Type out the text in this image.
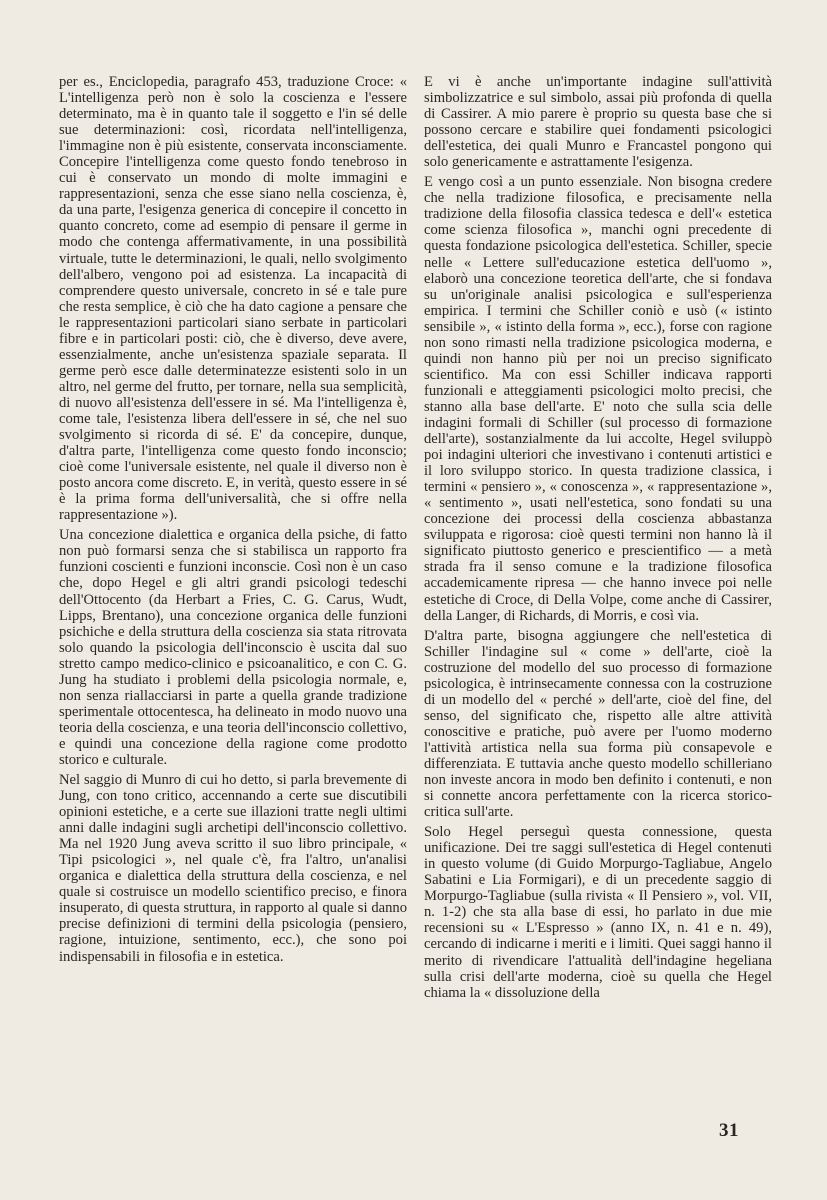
per es., Enciclopedia, paragrafo 453, traduzione Croce: « L'intelligenza però non è solo la coscienza e l'essere determinato, ma è in quanto tale il soggetto e l'in sé delle sue determinazioni: così, ricordata nell'intelligenza, l'immagine non è più esistente, conservata inconsciamente. Concepire l'intelligenza come questo fondo tenebroso in cui è conservato un mondo di molte immagini e rappresentazioni, senza che esse siano nella coscienza, è, da una parte, l'esigenza generica di concepire il concetto in quanto concreto, come ad esempio di pensare il germe in modo che contenga affermativamente, in una possibilità virtuale, tutte le determinazioni, le quali, nello svolgimento dell'albero, vengono poi ad esistenza. La incapacità di comprendere questo universale, concreto in sé e tale pure che resta semplice, è ciò che ha dato cagione a pensare che le rappresentazioni particolari siano serbate in particolari fibre e in particolari posti: ciò, che è diverso, deve avere, essenzialmente, anche un'esistenza spaziale separata. Il germe però esce dalle determinatezze esistenti solo in un altro, nel germe del frutto, per tornare, nella sua semplicità, di nuovo all'esistenza dell'essere in sé. Ma l'intelligenza è, come tale, l'esistenza libera dell'essere in sé, che nel suo svolgimento si ricorda di sé. E' da concepire, dunque, d'altra parte, l'intelligenza come questo fondo inconscio; cioè come l'universale esistente, nel quale il diverso non è posto ancora come discreto. E, in verità, questo essere in sé è la prima forma dell'universalità, che si offre nella rappresentazione »).

Una concezione dialettica e organica della psiche, di fatto non può formarsi senza che si stabilisca un rapporto fra funzioni coscienti e funzioni inconscie. Così non è un caso che, dopo Hegel e gli altri grandi psicologi tedeschi dell'Ottocento (da Herbart a Fries, C. G. Carus, Wudt, Lipps, Brentano), una concezione organica delle funzioni psichiche e della struttura della coscienza sia stata ritrovata solo quando la psicologia dell'inconscio è uscita dal suo stretto campo medico-clinico e psicoanalitico, e con C. G. Jung ha studiato i problemi della psicologia normale, e, non senza riallacciarsi in parte a quella grande tradizione sperimentale ottocentesca, ha delineato in modo nuovo una teoria della coscienza, e una teoria dell'inconscio collettivo, e quindi una concezione della ragione come prodotto storico e culturale.

Nel saggio di Munro di cui ho detto, si parla brevemente di Jung, con tono critico, accennando a certe sue discutibili opinioni estetiche, e a certe sue illazioni tratte negli ultimi anni dalle indagini sugli archetipi dell'inconscio collettivo. Ma nel 1920 Jung aveva scritto il suo libro principale, « Tipi psicologici », nel quale c'è, fra l'altro, un'analisi organica e dialettica della struttura della coscienza, e nel quale si costruisce un modello scientifico preciso, e finora insuperato, di questa struttura, in rapporto al quale si danno precise definizioni di termini della psicologia (pensiero, ragione, intuizione, sentimento, ecc.), che sono poi indispensabili in filosofia e in estetica.

E vi è anche un'importante indagine sull'attività simbolizzatrice e sul simbolo, assai più profonda di quella di Cassirer. A mio parere è proprio su questa base che si possono cercare e stabilire quei fondamenti psicologici dell'estetica, dei quali Munro e Francastel pongono qui solo genericamente e astrattamente l'esigenza.

E vengo così a un punto essenziale. Non bisogna credere che nella tradizione filosofica, e precisamente nella tradizione della filosofia classica tedesca e dell'« estetica come scienza filosofica », manchi ogni precedente di questa fondazione psicologica dell'estetica. Schiller, specie nelle « Lettere sull'educazione estetica dell'uomo », elaborò una concezione teoretica dell'arte, che si fondava su un'originale analisi psicologica e sull'esperienza empirica. I termini che Schiller coniò e usò (« istinto sensibile », « istinto della forma », ecc.), forse con ragione non sono rimasti nella tradizione psicologica moderna, e quindi non hanno più per noi un preciso significato scientifico. Ma con essi Schiller indicava rapporti funzionali e atteggiamenti psicologici molto precisi, che stanno alla base dell'arte. E' noto che sulla scia delle indagini formali di Schiller (sul processo di formazione dell'arte), sostanzialmente da lui accolte, Hegel sviluppò poi indagini ulteriori che investivano i contenuti artistici e il loro sviluppo storico. In questa tradizione classica, i termini « pensiero », « conoscenza », « rappresentazione », « sentimento », usati nell'estetica, sono fondati su una concezione dei processi della coscienza abbastanza sviluppata e rigorosa: cioè questi termini non hanno là il significato piuttosto generico e prescientifico — a metà strada fra il senso comune e la tradizione filosofica accademicamente ripresa — che hanno invece poi nelle estetiche di Croce, di Della Volpe, come anche di Cassirer, della Langer, di Richards, di Morris, e così via.

D'altra parte, bisogna aggiungere che nell'estetica di Schiller l'indagine sul « come » dell'arte, cioè la costruzione del modello del suo processo di formazione psicologica, è intrinsecamente connessa con la costruzione di un modello del « perché » dell'arte, cioè del fine, del senso, del significato che, rispetto alle altre attività conoscitive e pratiche, può avere per l'uomo moderno l'attività artistica nella sua forma più consapevole e differenziata. E tuttavia anche questo modello schilleriano non investe ancora in modo ben definito i contenuti, e non si connette ancora perfettamente con la ricerca storico-critica sull'arte.

Solo Hegel perseguì questa connessione, questa unificazione. Dei tre saggi sull'estetica di Hegel contenuti in questo volume (di Guido Morpurgo-Tagliabue, Angelo Sabatini e Lia Formigari), e di un precedente saggio di Morpurgo-Tagliabue (sulla rivista « Il Pensiero », vol. VII, n. 1-2) che sta alla base di essi, ho parlato in due mie recensioni su « L'Espresso » (anno IX, n. 41 e n. 49), cercando di indicarne i meriti e i limiti. Quei saggi hanno il merito di rivendicare l'attualità dell'indagine hegeliana sulla crisi dell'arte moderna, cioè su quella che Hegel chiama la « dissoluzione della

31
